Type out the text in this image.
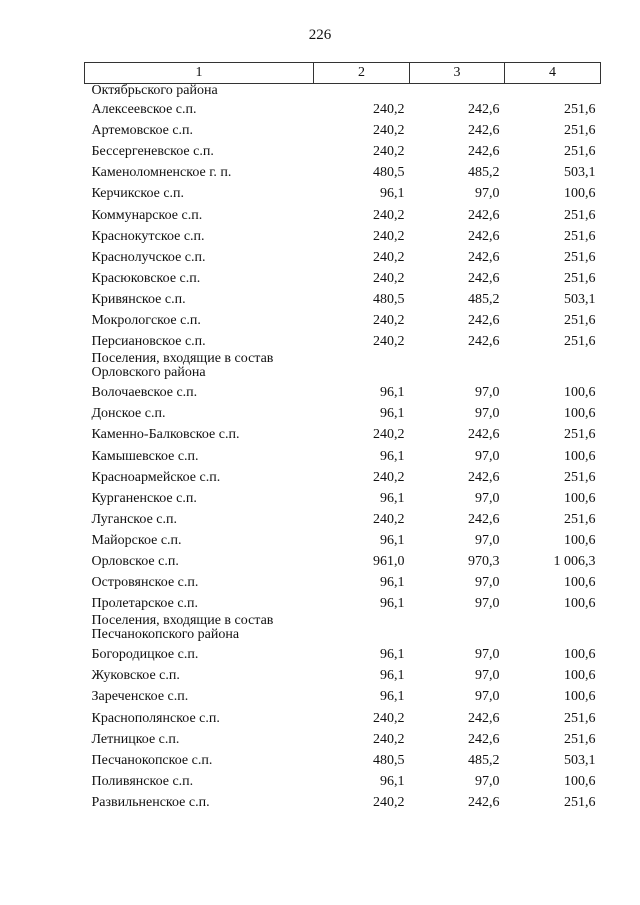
226
1	2	3	4
Октябрьского района			
Алексеевское с.п.	240,2	242,6	251,6
Артемовское с.п.	240,2	242,6	251,6
Бессергеневское с.п.	240,2	242,6	251,6
Каменоломненское г. п.	480,5	485,2	503,1
Керчикское с.п.	96,1	97,0	100,6
Коммунарское с.п.	240,2	242,6	251,6
Краснокутское с.п.	240,2	242,6	251,6
Краснолучское с.п.	240,2	242,6	251,6
Красюковское с.п.	240,2	242,6	251,6
Кривянское с.п.	480,5	485,2	503,1
Мокрологское с.п.	240,2	242,6	251,6
Персиановское с.п.	240,2	242,6	251,6

Поселения, входящие в состав
Орловского района			

Волочаевское с.п.	96,1	97,0	100,6
Донское с.п.	96,1	97,0	100,6
Каменно-Балковское с.п.	240,2	242,6	251,6
Камышевское с.п.	96,1	97,0	100,6
Красноармейское с.п.	240,2	242,6	251,6
Курганенское с.п.	96,1	97,0	100,6
Луганское с.п.	240,2	242,6	251,6
Майорское с.п.	96,1	97,0	100,6
Орловское с.п.	961,0	970,3	1 006,3
Островянское с.п.	96,1	97,0	100,6
Пролетарское с.п.	96,1	97,0	100,6

Поселения, входящие в состав
Песчанокопского района			

Богородицкое с.п.	96,1	97,0	100,6
Жуковское с.п.	96,1	97,0	100,6
Зареченское с.п.	96,1	97,0	100,6
Краснополянское с.п.	240,2	242,6	251,6
Летницкое с.п.	240,2	242,6	251,6
Песчанокопское с.п.	480,5	485,2	503,1
Поливянское с.п.	96,1	97,0	100,6
Развильненское с.п.	240,2	242,6	251,6
